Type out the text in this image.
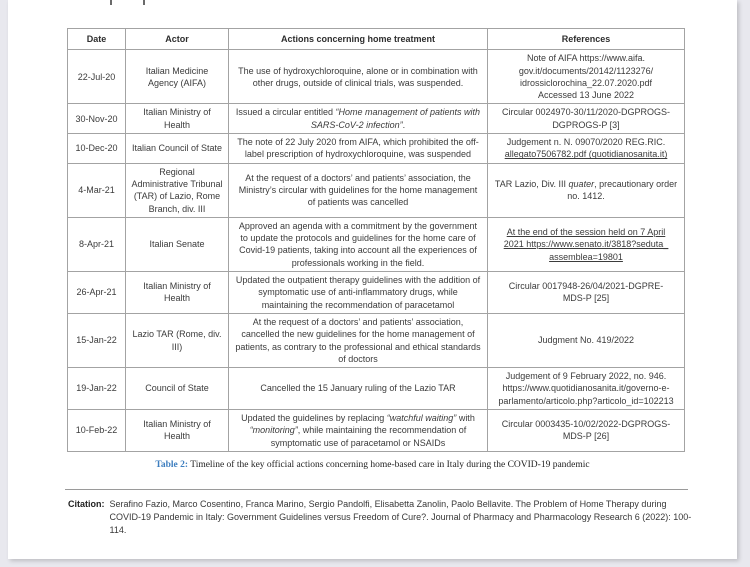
Date	Actor	Actions concerning home treatment	References
22-Jul-20	Italian Medicine Agency (AIFA)	The use of hydroxychloroquine, alone or in combination with other drugs, outside of clinical trials, was suspended.	Note of AIFA https://www.aifa.
gov.it/documents/20142/1123276/
idrossiclorochina_22.07.2020.pdf
Accessed 13 June 2022
30-Nov-20	Italian Ministry of Health	Issued a circular entitled “Home management of patients with SARS-CoV-2 infection”.	Circular 0024970-30/11/2020-DGPROGS-
DGPROGS-P [3]
10-Dec-20	Italian Council of State	The note of 22 July 2020 from AIFA, which prohibited the off-label prescription of hydroxychloroquine, was suspended	Judgement n. N. 09070/2020 REG.RIC.
allegato7506782.pdf (quotidianosanita.it)
4-Mar-21	Regional Administrative Tribunal (TAR) of Lazio, Rome Branch, div. III	At the request of a doctors’ and patients’ association, the Ministry’s circular with guidelines for the home management of patients was cancelled	TAR Lazio, Div. III quater, precautionary order no. 1412.
8-Apr-21	Italian Senate	Approved an agenda with a commitment by the government to update the protocols and guidelines for the home care of Covid-19 patients, taking into account all the experiences of professionals working in the field.	At the end of the session held on 7 April
2021 https://www.senato.it/3818?seduta_
assemblea=19801
26-Apr-21	Italian Ministry of Health	Updated the outpatient therapy guidelines with the addition of symptomatic use of anti-inflammatory drugs, while maintaining the recommendation of paracetamol	Circular 0017948-26/04/2021-DGPRE-
MDS-P [25]
15-Jan-22	Lazio TAR (Rome, div. III)	At the request of a doctors’ and patients’ association, cancelled the new guidelines for the home management of patients, as contrary to the professional and ethical standards of doctors	Judgment No. 419/2022
19-Jan-22	Council of State	Cancelled the 15 January ruling of the Lazio TAR	Judgement of 9 February 2022, no. 946.
https://www.quotidianosanita.it/governo-e-
parlamento/articolo.php?articolo_id=102213
10-Feb-22	Italian Ministry of Health	Updated the guidelines by replacing “watchful waiting” with “monitoring”, while maintaining the recommendation of symptomatic use of paracetamol or NSAIDs	Circular 0003435-10/02/2022-DGPROGS-
MDS-P [26]

Table 2: Timeline of the key official actions concerning home-based care in Italy during the COVID-19 pandemic

Citation: Serafino Fazio, Marco Cosentino, Franca Marino, Sergio Pandolfi, Elisabetta Zanolin, Paolo Bellavite. The Problem of Home Therapy during COVID-19 Pandemic in Italy: Government Guidelines versus Freedom of Cure?. Journal of Pharmacy and Pharmacology Research 6 (2022): 100-114.
